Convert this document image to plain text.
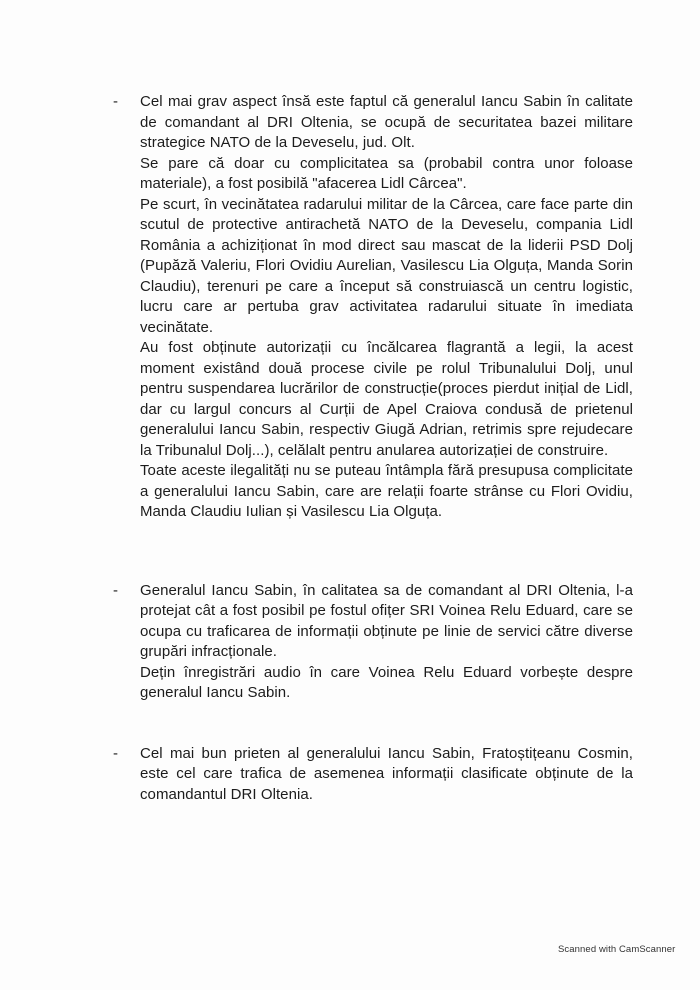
-	Cel mai grav aspect însă este faptul că generalul Iancu Sabin în calitate de comandant al DRI Oltenia, se ocupă de securitatea bazei militare strategice NATO de la Deveselu, jud. Olt.

Se pare că doar cu complicitatea sa (probabil contra unor foloase materiale), a fost posibilă "afacerea Lidl Cârcea".

Pe scurt, în vecinătatea radarului militar de la Cârcea, care face parte din scutul de protective antirachetă NATO de la Deveselu, compania Lidl România a achiziționat în mod direct sau mascat de la liderii PSD Dolj (Pupăză Valeriu, Flori Ovidiu Aurelian, Vasilescu Lia Olguța, Manda Sorin Claudiu), terenuri pe care a început să construiască un centru logistic, lucru care ar pertuba grav activitatea radarului situate în imediata vecinătate.

Au fost obținute autorizații cu încălcarea flagrantă a legii, la acest moment existând două procese civile pe rolul Tribunalului Dolj, unul pentru suspendarea lucrărilor de construcție(proces pierdut inițial de Lidl, dar cu largul concurs al Curții de Apel Craiova condusă de prietenul generalului Iancu Sabin, respectiv Giugă Adrian, retrimis spre rejudecare la Tribunalul Dolj...), celălalt pentru anularea autorizației de construire.

Toate aceste ilegalități nu se puteau întâmpla fără presupusa complicitate a generalului Iancu Sabin, care are relații foarte strânse cu Flori Ovidiu, Manda Claudiu Iulian și Vasilescu Lia Olguța.

-	Generalul Iancu Sabin, în calitatea sa de comandant al DRI Oltenia, l-a protejat cât a fost posibil pe fostul ofițer SRI Voinea Relu Eduard, care se ocupa cu traficarea de informații obținute pe linie de servici către diverse grupări infracționale.

Dețin înregistrări audio în care Voinea Relu Eduard vorbește despre generalul Iancu Sabin.

-	Cel mai bun prieten al generalului Iancu Sabin, Fratoștițeanu Cosmin, este cel care trafica de asemenea informații clasificate obținute de la comandantul DRI Oltenia.

Scanned with CamScanner
